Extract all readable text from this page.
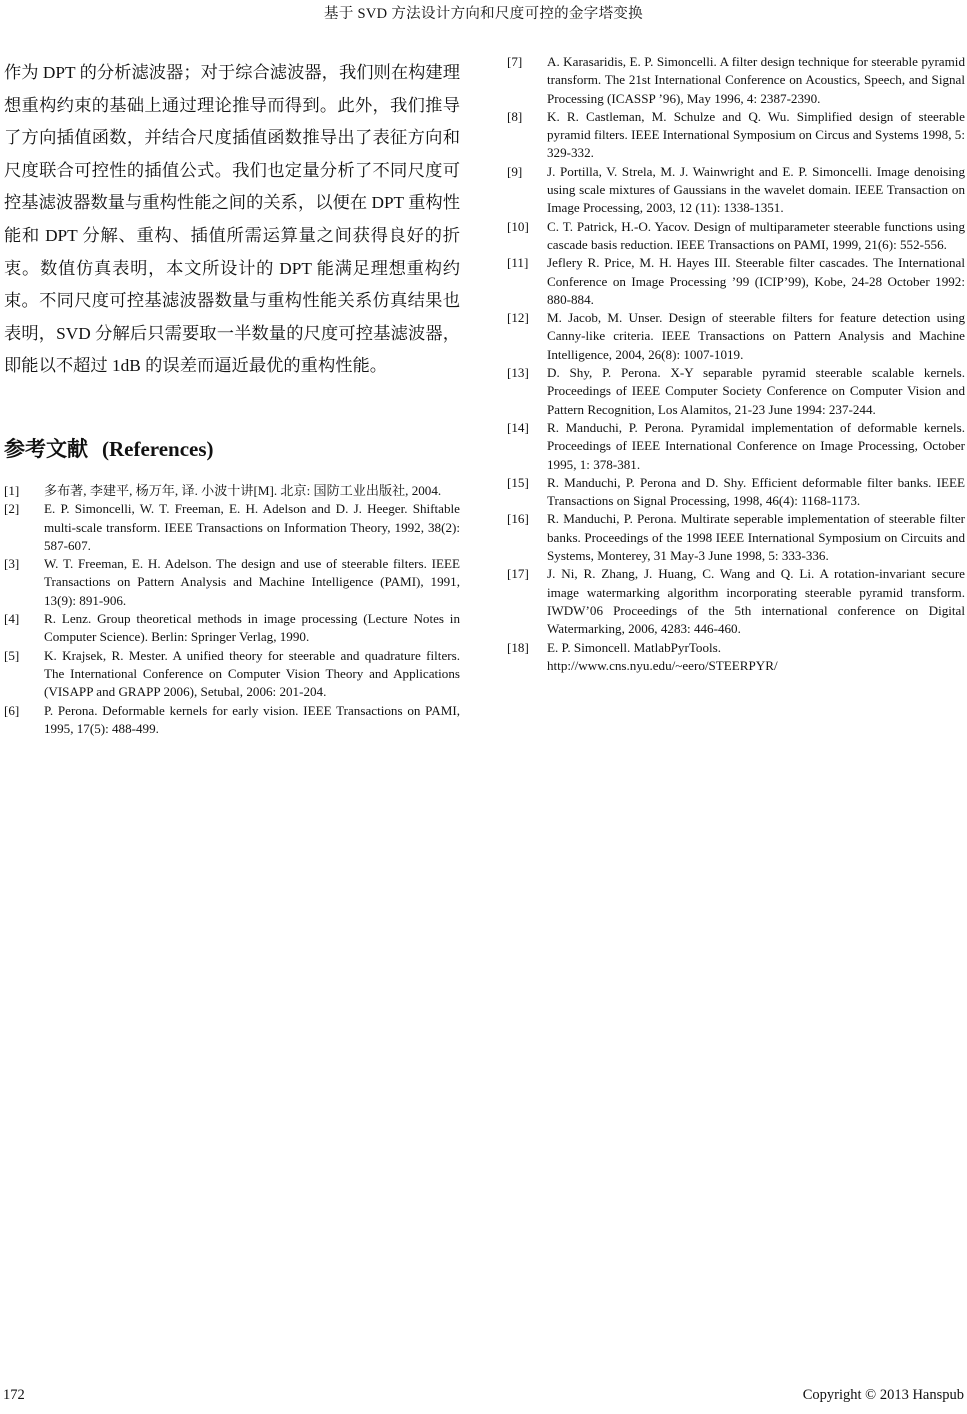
基于 SVD 方法设计方向和尺度可控的金字塔变换

作为 DPT 的分析滤波器；对于综合滤波器，我们则在构建理想重构约束的基础上通过理论推导而得到。此外，我们推导了方向插值函数，并结合尺度插值函数推导出了表征方向和尺度联合可控性的插值公式。我们也定量分析了不同尺度可控基滤波器数量与重构性能之间的关系，以便在 DPT 重构性能和 DPT 分解、重构、插值所需运算量之间获得良好的折衷。数值仿真表明，本文所设计的 DPT 能满足理想重构约束。不同尺度可控基滤波器数量与重构性能关系仿真结果也表明，SVD 分解后只需要取一半数量的尺度可控基滤波器，即能以不超过 1dB 的误差而逼近最优的重构性能。

参考文献 (References)
[1]	多布著, 李建平, 杨万年, 译. 小波十讲[M]. 北京: 国防工业出版社, 2004.
[2]	E. P. Simoncelli, W. T. Freeman, E. H. Adelson and D. J. Heeger. Shiftable multi-scale transform. IEEE Transactions on Information Theory, 1992, 38(2): 587-607.
[3]	W. T. Freeman, E. H. Adelson. The design and use of steerable filters. IEEE Transactions on Pattern Analysis and Machine Intelligence (PAMI), 1991, 13(9): 891-906.
[4]	R. Lenz. Group theoretical methods in image processing (Lecture Notes in Computer Science). Berlin: Springer Verlag, 1990.
[5]	K. Krajsek, R. Mester. A unified theory for steerable and quadrature filters. The International Conference on Computer Vision Theory and Applications (VISAPP and GRAPP 2006), Setubal, 2006: 201-204.
[6]	P. Perona. Deformable kernels for early vision. IEEE Transactions on PAMI, 1995, 17(5): 488-499.
[7]	A. Karasaridis, E. P. Simoncelli. A filter design technique for steerable pyramid transform. The 21st International Conference on Acoustics, Speech, and Signal Processing (ICASSP ’96), May 1996, 4: 2387-2390.
[8]	K. R. Castleman, M. Schulze and Q. Wu. Simplified design of steerable pyramid filters. IEEE International Symposium on Circus and Systems 1998, 5: 329-332.
[9]	J. Portilla, V. Strela, M. J. Wainwright and E. P. Simoncelli. Image denoising using scale mixtures of Gaussians in the wavelet domain. IEEE Transaction on Image Processing, 2003, 12 (11): 1338-1351.
[10]	C. T. Patrick, H.-O. Yacov. Design of multiparameter steerable functions using cascade basis reduction. IEEE Transactions on PAMI, 1999, 21(6): 552-556.
[11]	Jeflery R. Price, M. H. Hayes III. Steerable filter cascades. The International Conference on Image Processing ’99 (ICIP’99), Kobe, 24-28 October 1992: 880-884.
[12]	M. Jacob, M. Unser. Design of steerable filters for feature detection using Canny-like criteria. IEEE Transactions on Pattern Analysis and Machine Intelligence, 2004, 26(8): 1007-1019.
[13]	D. Shy, P. Perona. X-Y separable pyramid steerable scalable kernels. Proceedings of IEEE Computer Society Conference on Computer Vision and Pattern Recognition, Los Alamitos, 21-23 June 1994: 237-244.
[14]	R. Manduchi, P. Perona. Pyramidal implementation of deformable kernels. Proceedings of IEEE International Conference on Image Processing, October 1995, 1: 378-381.
[15]	R. Manduchi, P. Perona and D. Shy. Efficient deformable filter banks. IEEE Transactions on Signal Processing, 1998, 46(4): 1168-1173.
[16]	R. Manduchi, P. Perona. Multirate seperable implementation of steerable filter banks. Proceedings of the 1998 IEEE International Symposium on Circuits and Systems, Monterey, 31 May-3 June 1998, 5: 333-336.
[17]	J. Ni, R. Zhang, J. Huang, C. Wang and Q. Li. A rotation-invariant secure image watermarking algorithm incorporating steerable pyramid transform. IWDW’06 Proceedings of the 5th international conference on Digital Watermarking, 2006, 4283: 446-460.
[18]	E. P. Simoncell. MatlabPyrTools.
http://www.cns.nyu.edu/~eero/STEERPYR/
172	Copyright © 2013 Hanspub
